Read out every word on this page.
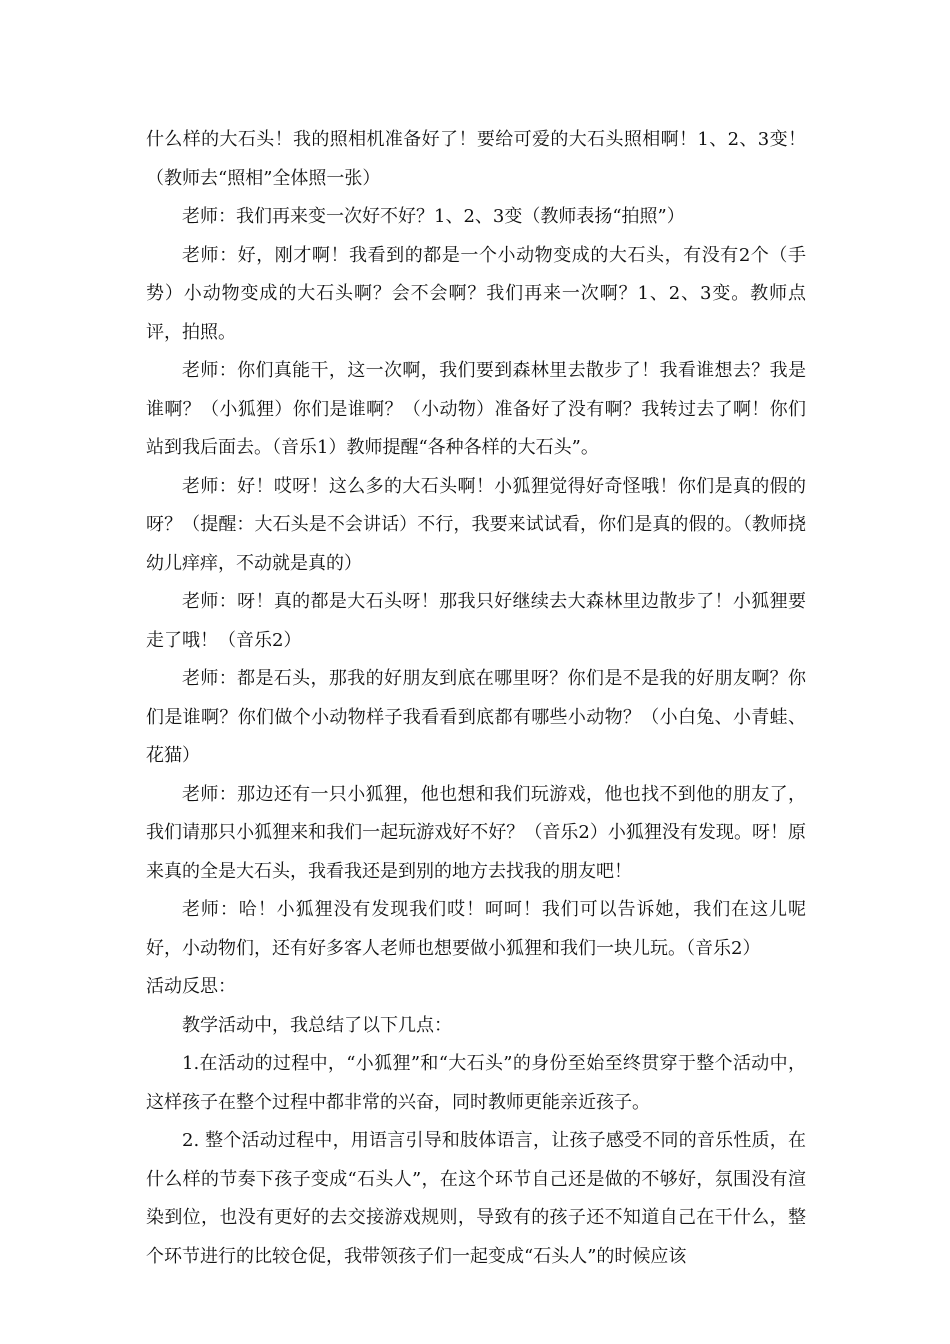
什么样的大石头！我的照相机准备好了！要给可爱的大石头照相啊！1、2、3变！（教师去“照相”全体照一张）

老师：我们再来变一次好不好？1、2、3变（教师表扬“拍照”）

老师：好，刚才啊！我看到的都是一个小动物变成的大石头，有没有2个（手势）小动物变成的大石头啊？会不会啊？我们再来一次啊？1、2、3变。教师点评，拍照。

老师：你们真能干，这一次啊，我们要到森林里去散步了！我看谁想去？我是谁啊？（小狐狸）你们是谁啊？（小动物）准备好了没有啊？我转过去了啊！你们站到我后面去。（音乐1）教师提醒“各种各样的大石头”。

老师：好！哎呀！这么多的大石头啊！小狐狸觉得好奇怪哦！你们是真的假的呀？（提醒：大石头是不会讲话）不行，我要来试试看，你们是真的假的。（教师挠幼儿痒痒，不动就是真的）

老师：呀！真的都是大石头呀！那我只好继续去大森林里边散步了！小狐狸要走了哦！（音乐2）

老师：都是石头，那我的好朋友到底在哪里呀？你们是不是我的好朋友啊？你们是谁啊？你们做个小动物样子我看看到底都有哪些小动物？（小白兔、小青蛙、花猫）

老师：那边还有一只小狐狸，他也想和我们玩游戏，他也找不到他的朋友了，我们请那只小狐狸来和我们一起玩游戏好不好？（音乐2）小狐狸没有发现。呀！原来真的全是大石头，我看我还是到别的地方去找我的朋友吧！

老师：哈！小狐狸没有发现我们哎！呵呵！我们可以告诉她，我们在这儿呢好，小动物们，还有好多客人老师也想要做小狐狸和我们一块儿玩。（音乐2）

活动反思：

教学活动中，我总结了以下几点：

1.在活动的过程中，“小狐狸”和“大石头”的身份至始至终贯穿于整个活动中，这样孩子在整个过程中都非常的兴奋，同时教师更能亲近孩子。

2. 整个活动过程中，用语言引导和肢体语言，让孩子感受不同的音乐性质，在什么样的节奏下孩子变成“石头人”，在这个环节自己还是做的不够好，氛围没有渲染到位，也没有更好的去交接游戏规则，导致有的孩子还不知道自己在干什么，整个环节进行的比较仓促，我带领孩子们一起变成“石头人”的时候应该
